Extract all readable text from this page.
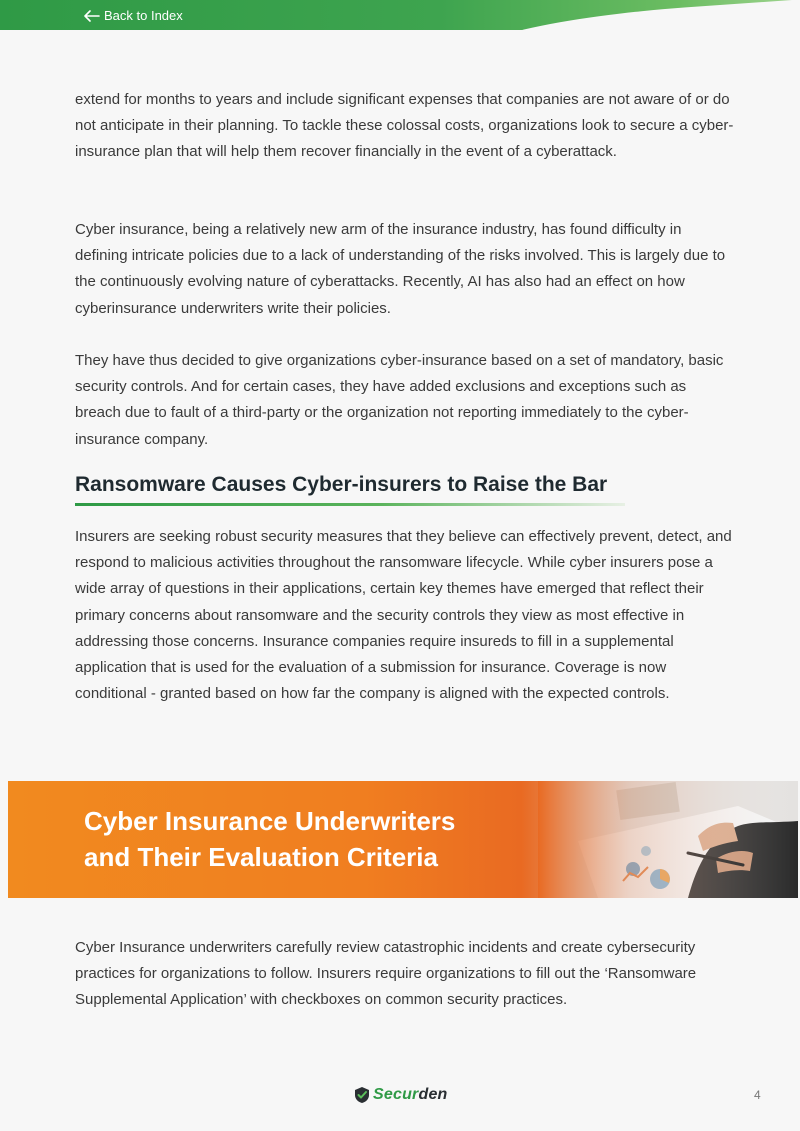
Back to Index

extend for months to years and include significant expenses that companies are not aware of or do not anticipate in their planning. To tackle these colossal costs, organizations look to secure a cyber-insurance plan that will help them recover financially in the event of a cyberattack.

Cyber insurance, being a relatively new arm of the insurance industry, has found difficulty in defining intricate policies due to a lack of understanding of the risks involved. This is largely due to the continuously evolving nature of cyberattacks. Recently, AI has also had an effect on how cyberinsurance underwriters write their policies.

They have thus decided to give organizations cyber-insurance based on a set of mandatory, basic security controls. And for certain cases, they have added exclusions and exceptions such as breach due to fault of a third-party or the organization not reporting immediately to the cyber-insurance company.

Ransomware Causes Cyber-insurers to Raise the Bar

Insurers are seeking robust security measures that they believe can effectively prevent, detect, and respond to malicious activities throughout the ransomware lifecycle. While cyber insurers pose a wide array of questions in their applications, certain key themes have emerged that reflect their primary concerns about ransomware and the security controls they view as most effective in addressing those concerns. Insurance companies require insureds to fill in a supplemental application that is used for the evaluation of a submission for insurance. Coverage is now conditional - granted based on how far the company is aligned with the expected controls.

Cyber Insurance Underwriters
and Their Evaluation Criteria

Cyber Insurance underwriters carefully review catastrophic incidents and create cybersecurity practices for organizations to follow. Insurers require organizations to fill out the ‘Ransomware Supplemental Application’ with checkboxes on common security practices.

Securden	4
